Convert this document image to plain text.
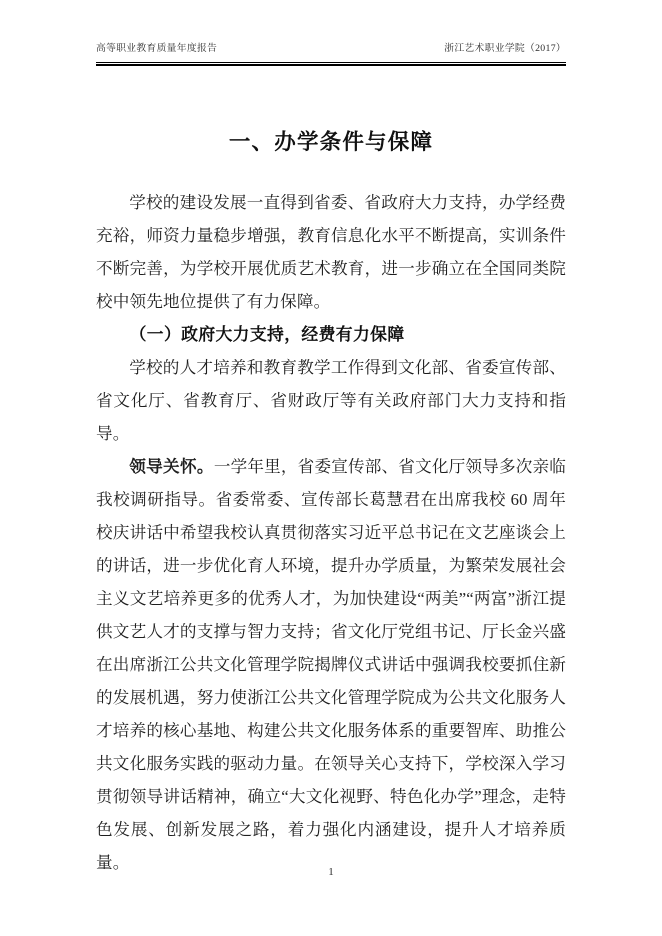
高等职业教育质量年度报告	浙江艺术职业学院（2017）
一、办学条件与保障

学校的建设发展一直得到省委、省政府大力支持，办学经费充裕，师资力量稳步增强，教育信息化水平不断提高，实训条件不断完善，为学校开展优质艺术教育，进一步确立在全国同类院校中领先地位提供了有力保障。

（一）政府大力支持，经费有力保障

学校的人才培养和教育教学工作得到文化部、省委宣传部、省文化厅、省教育厅、省财政厅等有关政府部门大力支持和指导。

领导关怀。一学年里，省委宣传部、省文化厅领导多次亲临我校调研指导。省委常委、宣传部长葛慧君在出席我校 60 周年校庆讲话中希望我校认真贯彻落实习近平总书记在文艺座谈会上的讲话，进一步优化育人环境，提升办学质量，为繁荣发展社会主义文艺培养更多的优秀人才，为加快建设“两美”“两富”浙江提供文艺人才的支撑与智力支持；省文化厅党组书记、厅长金兴盛在出席浙江公共文化管理学院揭牌仪式讲话中强调我校要抓住新的发展机遇，努力使浙江公共文化管理学院成为公共文化服务人才培养的核心基地、构建公共文化服务体系的重要智库、助推公共文化服务实践的驱动力量。在领导关心支持下，学校深入学习贯彻领导讲话精神，确立“大文化视野、特色化办学”理念，走特色发展、创新发展之路，着力强化内涵建设，提升人才培养质量。	1
